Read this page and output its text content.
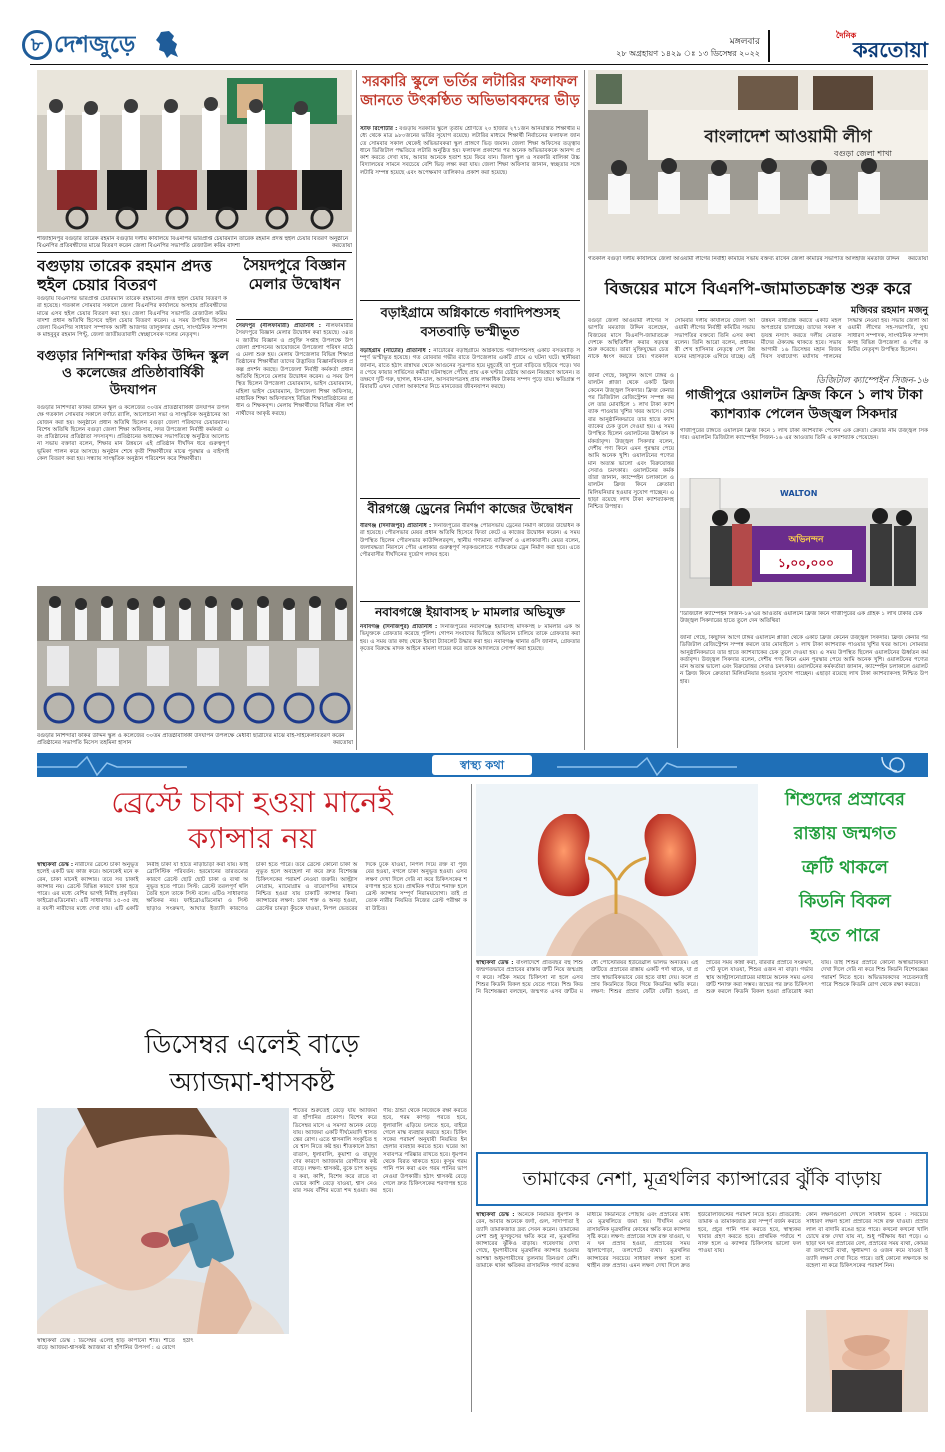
৮ দেশজুড়ে	মঙ্গলবার
২৮ অগ্রহায়ণ ১৪২৯ ঃ ১৩ ডিসেম্বর ২০২২
দৈনিক
করতোয়া
শাজাহানপুর বগুড়ার তারেক রহমান বগুড়ার দলীয় কার্যালয়ে বিএনপির ভারপ্রাপ্ত চেয়ারম্যান তারেক রহমান প্রদত্ত হুইল চেয়ার বিতরণ অনুষ্ঠানে বিএনপির প্রতিবন্ধীদের মাঝে বিতরণ করেন জেলা বিএনপির সভাপতি রেজাউল করিম বাদশা	করতোয়া
বগুড়ায় তারেক রহমান প্রদত্ত হুইল চেয়ার বিতরণ
বগুড়ায় বিএনপির ভারপ্রাপ্ত চেয়ারম্যান তারেক রহমানের প্রদত্ত হুইল চেয়ার বিতরণ করা হয়েছে। গতকাল সোমবার সকালে জেলা বিএনপির কার্যালয়ে অসহায় প্রতিবন্ধীদের মাঝে এসব হুইল চেয়ার বিতরণ করা হয়। জেলা বিএনপির সভাপতি রেজাউল করিম বাদশা প্রধান অতিথি হিসেবে হুইল চেয়ার বিতরণ করেন। এ সময় উপস্থিত ছিলেন জেলা বিএনপির সাধারণ সম্পাদক আলী আজগর তালুকদার হেনা, সাংগঠনিক সম্পাদক মাহবুবুর রহমান পিন্টু, জেলা জাতীয়তাবাদী স্বেচ্ছাসেবক দলের নেতৃবৃন্দ।
সৈয়দপুরে বিজ্ঞান মেলার উদ্বোধন
সৈয়দপুর (নীলফামারী) প্রতিনিধি : নীলফামারীর সৈয়দপুরে বিজ্ঞান মেলার উদ্বোধন করা হয়েছে। ৩৪তম জাতীয় বিজ্ঞান ও প্রযুক্তি সপ্তাহ উপলক্ষে উপজেলা প্রশাসনের আয়োজনে উপজেলা পরিষদ মাঠে এ মেলা শুরু হয়। মেলায় উপজেলার বিভিন্ন শিক্ষাপ্রতিষ্ঠানের শিক্ষার্থীরা তাদের উদ্ভাবিত বিজ্ঞানবিষয়ক প্রকল্প প্রদর্শন করছে। উপজেলা নির্বাহী কর্মকর্তা প্রধান অতিথি হিসেবে মেলার উদ্বোধন করেন। এ সময় উপস্থিত ছিলেন উপজেলা চেয়ারম্যান, ভাইস চেয়ারম্যান, মহিলা ভাইস চেয়ারম্যান, উপজেলা শিক্ষা অফিসার, মাধ্যমিক শিক্ষা অফিসারসহ বিভিন্ন শিক্ষাপ্রতিষ্ঠানের প্রধান ও শিক্ষকবৃন্দ। মেলায় শিক্ষার্থীদের বিভিন্ন স্টল দর্শনার্থীদের আকৃষ্ট করছে।
বগুড়ার নিশিন্দারা ফকির উদ্দিন স্কুল ও কলেজের প্রতিষ্ঠাবার্ষিকী উদযাপন
বগুড়ার নিশিন্দারা ফকির উদ্দিন স্কুল ও কলেজের ৩০তম প্রতিষ্ঠাবার্ষিকী উদযাপন উপলক্ষে গতকাল সোমবার সকালে বর্ণাঢ্য র‌্যালি, আলোচনা সভা ও সাংস্কৃতিক অনুষ্ঠানের আয়োজন করা হয়। অনুষ্ঠানে প্রধান অতিথি ছিলেন বগুড়া জেলা পরিষদের চেয়ারম্যান। বিশেষ অতিথি ছিলেন বগুড়া জেলা শিক্ষা অফিসার, সদর উপজেলা নির্বাহী কর্মকর্তা এবং প্রতিষ্ঠানের প্রতিষ্ঠাতা সদস্যবৃন্দ। প্রতিষ্ঠানের অধ্যক্ষের সভাপতিত্বে অনুষ্ঠিত আলোচনা সভায় বক্তারা বলেন, শিক্ষার মান উন্নয়নে এই প্রতিষ্ঠান দীর্ঘদিন ধরে গুরুত্বপূর্ণ ভূমিকা পালন করে আসছে। অনুষ্ঠান শেষে কৃতী শিক্ষার্থীদের মাঝে পুরস্কার ও বাইসাইকেল বিতরণ করা হয়। সন্ধ্যায় সাংস্কৃতিক অনুষ্ঠান পরিবেশন করে শিক্ষার্থীরা।
বগুড়ার নিশিন্দারা ফকির উদ্দিন স্কুল ও কলেজের ৩০তম প্রতিষ্ঠাবার্ষিকী উদযাপন উপলক্ষে মেধাবী ছাত্রীদের মাঝে বাই-সাইকেলবিতরণ করেন প্রতিষ্ঠানের সভাপতি মিসেস তহমিনা হাসান	করতোয়া
সরকারি স্কুলে ভর্তির লটারির ফলাফল জানতে উৎকণ্ঠিত অভিভাবকদের ভীড়
স্টাফ রিপোর্টার : বগুড়ায় সরকারি স্কুলে তৃতীয় শ্রেণিতে ২০ হাজার ২৭১জন অনিয়ন্ত্রিত শিক্ষার্থীর মধ্যে থেকে মাত্র ৯৮০জনের ভর্তির সুযোগ রয়েছে। লটারির মাধ্যমে শিক্ষার্থী নির্বাচনের ফলাফল জানতে সোমবার সকাল থেকেই অভিভাবকরা স্কুল প্রাঙ্গণে ভিড় জমান। জেলা শিক্ষা অফিসের তত্ত্বাবধানে ডিজিটাল পদ্ধতিতে লটারি অনুষ্ঠিত হয়। ফলাফল প্রকাশের পর অনেক অভিভাবককে আনন্দ প্রকাশ করতে দেখা যায়, আবার অনেকে হতাশ হয়ে ফিরে যান। জিলা স্কুল ও সরকারি বালিকা উচ্চ বিদ্যালয়ের সামনে সবচেয়ে বেশি ভিড় লক্ষ্য করা যায়। জেলা শিক্ষা অফিসার জানান, স্বচ্ছতার সঙ্গে লটারি সম্পন্ন হয়েছে এবং অপেক্ষমাণ তালিকাও প্রকাশ করা হয়েছে।
বড়াইগ্রামে অগ্নিকান্ডে গবাদিপশুসহ বসতবাড়ি ভস্মীভূত
বড়াইগ্রাম (নাটোর) প্রতিনিধি : নাটোরের বড়াইগ্রামে অগ্নিকান্ডে গবাদিপশুসহ একটি বসতবাড়ি সম্পূর্ণ ভস্মীভূত হয়েছে। গত রোববার গভীর রাতে উপজেলার একটি গ্রামে এ ঘটনা ঘটে। স্থানীয়রা জানান, রাতে হঠাৎ রান্নাঘর থেকে আগুনের সূত্রপাত হয়ে মুহূর্তেই তা পুরো বাড়িতে ছড়িয়ে পড়ে। খবর পেয়ে ফায়ার সার্ভিসের কর্মীরা ঘটনাস্থলে পৌঁছে প্রায় এক ঘণ্টার চেষ্টায় আগুন নিয়ন্ত্রণে আনেন। ততক্ষণে দুটি গরু, ছাগল, ধান-চাল, আসবাবপত্রসহ প্রায় লক্ষাধিক টাকার সম্পদ পুড়ে যায়। ক্ষতিগ্রস্ত পরিবারটি এখন খোলা আকাশের নিচে মানবেতর জীবনযাপন করছে।
বীরগঞ্জে ড্রেনের নির্মাণ কাজের উদ্বোধন
বীরগঞ্জ (দিনাজপুর) প্রতিনিধি : দিনাজপুরের বীরগঞ্জ পৌরসভায় ড্রেনের নির্মাণ কাজের উদ্বোধন করা হয়েছে। পৌরসভার মেয়র প্রধান অতিথি হিসেবে ফিতা কেটে এ কাজের উদ্বোধন করেন। এ সময় উপস্থিত ছিলেন পৌরসভার কাউন্সিলরবৃন্দ, স্থানীয় গণ্যমান্য ব্যক্তিবর্গ ও এলাকাবাসী। মেয়র বলেন, জলাবদ্ধতা নিরসনে পৌর এলাকার গুরুত্বপূর্ণ সড়কগুলোতে পর্যায়ক্রমে ড্রেন নির্মাণ করা হবে। এতে পৌরবাসীর দীর্ঘদিনের দুর্ভোগ লাঘব হবে।
নবাবগঞ্জে ইয়াবাসহ ৮ মামলার অভিযুক্ত
নবাবগঞ্জ (দিনাজপুর) প্রতিনিধি : দিনাজপুরের নবাবগঞ্জে ইয়াবাসহ মাদকসহ ৮ মামলার এক অভিযুক্তকে গ্রেফতার করেছে পুলিশ। গোপন সংবাদের ভিত্তিতে অভিযান চালিয়ে তাকে গ্রেফতার করা হয়। এ সময় তার কাছ থেকে ইয়াবা ট্যাবলেট উদ্ধার করা হয়। নবাবগঞ্জ থানার ওসি জানান, গ্রেফতারকৃতের বিরুদ্ধে মাদক আইনে মামলা দায়ের করে তাকে আদালতে সোপর্দ করা হয়েছে।
বাংলাদেশ আওয়ামী লীগ
বগুড়া জেলা শাখা
গতকাল বগুড়া দলীয় কার্যালয়ে জেলা আওয়ামী লীগের নির্বাহী কমিটির সভায় বক্তব্য রাখেন জেলা কমিটির সভাপতি আলহাজ মমতাজ উদ্দিন করতোয়া
বিজয়ের মাসে বিএনপি-জামাতচক্রান্ত শুরু করে
মজিবর রহমান মজনু
বগুড়া জেলা আওয়ামী লীগের সভাপতি মমতাজ উদ্দিন বলেছেন, বিজয়ের মাসে বিএনপি-জামাতচক্র দেশকে অস্থিতিশীল করার ষড়যন্ত্র শুরু করেছে। তারা মুক্তিযুদ্ধের চেতনাকে ধ্বংস করতে চায়। গতকাল সোমবার দলীয় কার্যালয়ে জেলা আওয়ামী লীগের নির্বাহী কমিটির সভায় সভাপতির বক্তব্যে তিনি এসব কথা বলেন। তিনি আরো বলেন, প্রধানমন্ত্রী শেখ হাসিনার নেতৃত্বে দেশ উন্নয়নের মহাসড়কে এগিয়ে যাচ্ছে। এই উন্নয়ন বাধাগ্রস্ত করতে একটি মহল অপপ্রচার চালাচ্ছে। তাদের সকল ষড়যন্ত্র নস্যাৎ করতে দলীয় নেতাকর্মীদের ঐক্যবদ্ধ থাকতে হবে। সভায় আগামী ১৬ ডিসেম্বর মহান বিজয় দিবস যথাযোগ্য মর্যাদায় পালনের সিদ্ধান্ত নেওয়া হয়। সভায় জেলা আওয়ামী লীগের সহ-সভাপতি, যুগ্ম সাধারণ সম্পাদক, সাংগঠনিক সম্পাদকসহ বিভিন্ন উপজেলা ও পৌর কমিটির নেতৃবৃন্দ উপস্থিত ছিলেন।
ডিজিটাল ক্যাম্পেইন সিজন-১৬
গাজীপুরে ওয়ালটন ফ্রিজ কিনে ১ লাখ টাকা ক্যাশব্যাক পেলেন উজ্জ্বল সিকদার
গাজীপুরের টঙ্গিতে ওয়ালটন ফ্রিজ কিনে ১ লাখ টাকা ক্যাশব্যাক পেলেন এক ক্রেতা। ক্রেতার নাম উজ্জ্বল সিকদার। ওয়ালটন ডিজিটাল ক্যাম্পেইন সিজন-১৬ এর আওতায় তিনি এ ক্যাশব্যাক পেয়েছেন।
জানা গেছে, কিছুদিন আগে টঙ্গির ওয়ালটন প্লাজা থেকে একটি ফ্রিজ কেনেন উজ্জ্বল সিকদার। ফ্রিজ কেনার পর ডিজিটাল রেজিস্ট্রেশন সম্পন্ন করলে তার মোবাইলে ১ লাখ টাকা ক্যাশব্যাক পাওয়ার খুশির খবর আসে। সোমবার আনুষ্ঠানিকভাবে তার হাতে ক্যাশব্যাকের চেক তুলে দেওয়া হয়। এ সময় উপস্থিত ছিলেন ওয়ালটনের ঊর্ধ্বতন কর্মকর্তাবৃন্দ। উজ্জ্বল সিকদার বলেন, দেশীয় পণ্য কিনে এমন পুরস্কার পেয়ে আমি অনেক খুশি। ওয়ালটনের পণ্যের মান অত্যন্ত ভালো এবং বিক্রয়োত্তর সেবাও চমৎকার। ওয়ালটনের কর্মকর্তারা জানান, ক্যাম্পেইন চলাকালে ওয়ালটন ফ্রিজ কিনে ক্রেতারা মিলিয়নিয়ার হওয়ার সুযোগ পাচ্ছেন। এছাড়া রয়েছে লাখ টাকা ক্যাশব্যাকসহ নিশ্চিত উপহার।
WALTON
অভিনন্দন
১,০০,০০০
'ডিজিটাল ক্যাম্পেইন সিজন-১৬'এর আওতায় ওয়ালটন ফ্রিজ কিনে গাজীপুরের এক গ্রাহক ১ লাখ টাকার চেক উজ্জ্বল সিকদারের হাতে তুলে দেন অতিথিরা
জানা গেছে, কিছুদিন আগে টঙ্গির ওয়ালটন প্লাজা থেকে একটি ফ্রিজ কেনেন উজ্জ্বল সিকদার। ফ্রিজ কেনার পর ডিজিটাল রেজিস্ট্রেশন সম্পন্ন করলে তার মোবাইলে ১ লাখ টাকা ক্যাশব্যাক পাওয়ার খুশির খবর আসে। সোমবার আনুষ্ঠানিকভাবে তার হাতে ক্যাশব্যাকের চেক তুলে দেওয়া হয়। এ সময় উপস্থিত ছিলেন ওয়ালটনের ঊর্ধ্বতন কর্মকর্তাবৃন্দ। উজ্জ্বল সিকদার বলেন, দেশীয় পণ্য কিনে এমন পুরস্কার পেয়ে আমি অনেক খুশি। ওয়ালটনের পণ্যের মান অত্যন্ত ভালো এবং বিক্রয়োত্তর সেবাও চমৎকার। ওয়ালটনের কর্মকর্তারা জানান, ক্যাম্পেইন চলাকালে ওয়ালটন ফ্রিজ কিনে ক্রেতারা মিলিয়নিয়ার হওয়ার সুযোগ পাচ্ছেন। এছাড়া রয়েছে লাখ টাকা ক্যাশব্যাকসহ নিশ্চিত উপহার।
স্বাস্থ্য কথা
ব্রেস্টে চাকা হওয়া মানেই
ক্যান্সার নয়
স্বাস্থ্যকথা ডেস্ক : নারীদের ব্রেস্টে চাকা অনুভূত হলেই একটি ভয় কাজ করে। অনেকেই মনে করেন, চাকা মানেই ক্যান্সার। তবে সব চাকাই ক্যান্সার নয়। ব্রেস্টে বিভিন্ন কারণে চাকা হতে পারে। এর মধ্যে বেশির ভাগই নিরীহ প্রকৃতির। ফাইব্রোএডিনোমা: এটি সাধারণত ১৫-৩৫ বছর বয়সী নারীদের মধ্যে দেখা যায়। এটি একটি নিরীহ চাকা যা হাতে নাড়াচাড়া করা যায়। ফাইব্রোসিস্টিক পরিবর্তন: হরমোনের তারতম্যের কারণে ব্রেস্টে ছোট ছোট চাকা ও ব্যথা অনুভূত হতে পারে। সিস্ট: ব্রেস্টে তরলপূর্ণ থলি তৈরি হলে তাকে সিস্ট বলে। এটিও সাধারণত ক্ষতিকর নয়। ফাইব্রোএডিনোমা ও সিস্ট ছাড়াও সংক্রমণ, আঘাত ইত্যাদি কারণেও চাকা হতে পারে। তবে ব্রেস্টে কোনো চাকা অনুভূত হলে অবহেলা না করে দ্রুত বিশেষজ্ঞ চিকিৎসকের পরামর্শ নেওয়া জরুরি। আল্ট্রাসনোগ্রাম, ম্যামোগ্রাম ও বায়োপসির মাধ্যমে নিশ্চিত হওয়া যায় চাকাটি ক্যান্সার কিনা। ক্যান্সারের লক্ষণ: চাকা শক্ত ও অনড় হওয়া, ব্রেস্টের চামড়া কুঁচকে যাওয়া, নিপল ভেতরের দিকে ঢুকে যাওয়া, নিপল দিয়ে রক্ত বা পুঁজ বের হওয়া, বগলে চাকা অনুভূত হওয়া। এসব লক্ষণ দেখা দিলে দেরি না করে চিকিৎসকের শরণাপন্ন হতে হবে। প্রাথমিক পর্যায়ে শনাক্ত হলে ব্রেস্ট ক্যান্সার সম্পূর্ণ নিরাময়যোগ্য। তাই প্রত্যেক নারীর নিয়মিত নিজের ব্রেস্ট পরীক্ষা করা উচিত।
ডিসেম্বর এলেই বাড়ে
অ্যাজমা-শ্বাসকষ্ট
শীতের শুরুতেই বেড়ে যায় অ্যাজমা বা হাঁপানির প্রকোপ। বিশেষ করে ডিসেম্বর মাসে এ সমস্যা অনেক বেড়ে যায়। অ্যাজমা একটি দীর্ঘমেয়াদি শ্বাসতন্ত্রের রোগ। এতে শ্বাসনালি সংকুচিত হয়ে শ্বাস নিতে কষ্ট হয়। শীতকালে ঠান্ডা বাতাস, ধুলাবালি, কুয়াশা ও বায়ুদূষণের কারণে অ্যাজমার রোগীদের কষ্ট বাড়ে। লক্ষণ: শ্বাসকষ্ট, বুকে চাপ অনুভব করা, কাশি, বিশেষ করে রাতে বা ভোরে কাশি বেড়ে যাওয়া, শ্বাস নেওয়ার সময় বাঁশির মতো শব্দ হওয়া। করণীয়: ঠান্ডা থেকে নিজেকে রক্ষা করতে হবে, গরম কাপড় পরতে হবে, ধুলাবালি এড়িয়ে চলতে হবে, বাইরে গেলে মাস্ক ব্যবহার করতে হবে। চিকিৎসকের পরামর্শ অনুযায়ী নিয়মিত ইনহেলার ব্যবহার করতে হবে। ঘরের আসবাবপত্র পরিষ্কার রাখতে হবে। ধূমপান থেকে বিরত থাকতে হবে। কুসুম গরম পানি পান করা এবং গরম পানির ভাপ নেওয়া উপকারী। হঠাৎ শ্বাসকষ্ট বেড়ে গেলে দ্রুত চিকিৎসকের শরণাপন্ন হতে হবে।
স্বাস্থ্যকথা ডেস্ক : ডিসেম্বর এলেই হাড় কাঁপানো শীত। শীতে বাড়ে অ্যাজমা-শ্বাসকষ্ট অ্যাজমা বা হাঁপানির উপসর্গ : এ রোগে হঠাৎ
শিশুদের প্রস্রাবের
রাস্তায় জন্মগত
ত্রুটি থাকলে
কিডনি বিকল
হতে পারে
স্বাস্থ্যকথা ডেস্ক : বাংলাদেশে প্রতিবছর বহু শিশু জন্মগতভাবে প্রস্রাবের রাস্তায় ত্রুটি নিয়ে জন্মগ্রহণ করে। সঠিক সময়ে চিকিৎসা না হলে এসব শিশুর কিডনি বিকল হয়ে যেতে পারে। শিশু কিডনি বিশেষজ্ঞরা বলছেন, জন্মগত এসব ত্রুটির মধ্যে পোস্টেরিয়র ইউরেথ্রাল ভালভ অন্যতম। এই ত্রুটিতে প্রস্রাবের রাস্তায় একটি পর্দা থাকে, যা প্রস্রাব স্বাভাবিকভাবে বের হতে বাধা দেয়। ফলে প্রস্রাব কিডনিতে ফিরে গিয়ে কিডনির ক্ষতি করে। লক্ষণ: শিশুর প্রস্রাব ফোঁটা ফোঁটা হওয়া, প্রস্রাবের সময় কান্না করা, বারবার প্রস্রাবে সংক্রমণ, পেট ফুলে যাওয়া, শিশুর ওজন না বাড়া। গর্ভাবস্থায় আল্ট্রাসনোগ্রামের মাধ্যমে অনেক সময় এসব ত্রুটি শনাক্ত করা সম্ভব। জন্মের পর দ্রুত চিকিৎসা শুরু করলে কিডনি বিকল হওয়া প্রতিরোধ করা যায়। তাই শিশুর প্রস্রাবে কোনো অস্বাভাবিকতা দেখা দিলে দেরি না করে শিশু কিডনি বিশেষজ্ঞের পরামর্শ নিতে হবে। অভিভাবকদের সচেতনতাই পারে শিশুকে কিডনি রোগ থেকে রক্ষা করতে।
তামাকের নেশা, মূত্রথলির ক্যান্সারের ঝুঁকি বাড়ায়
স্বাস্থ্যকথা ডেস্ক : অনেকে নিয়মিত ধূমপান করেন, আবার অনেকে জর্দা, গুল, সাদাপাতা ইত্যাদি তামাকজাত দ্রব্য সেবন করেন। তামাকের নেশা শুধু ফুসফুসের ক্ষতি করে না, মূত্রথলির ক্যান্সারের ঝুঁকিও বাড়ায়। গবেষণায় দেখা গেছে, ধূমপায়ীদের মূত্রথলির ক্যান্সার হওয়ার আশঙ্কা অধূমপায়ীদের তুলনায় তিনগুণ বেশি। তামাকে থাকা ক্ষতিকর রাসায়নিক পদার্থ রক্তের মাধ্যমে কিডনিতে পৌঁছায় এবং প্রস্রাবের মাধ্যমে মূত্রথলিতে জমা হয়। দীর্ঘদিন এসব রাসায়নিক মূত্রথলির কোষের ক্ষতি করে ক্যান্সার সৃষ্টি করে। লক্ষণ: প্রস্রাবের সঙ্গে রক্ত যাওয়া, ঘন ঘন প্রস্রাব হওয়া, প্রস্রাবের সময় জ্বালাপোড়া, তলপেটে ব্যথা। মূত্রথলির ক্যান্সারের সবচেয়ে সাধারণ লক্ষণ হলো ব্যথাহীন রক্ত প্রস্রাব। এমন লক্ষণ দেখা দিলে দ্রুত ইউরোলজিস্টের পরামর্শ নিতে হবে। প্রতিরোধ: তামাক ও তামাকজাত দ্রব্য সম্পূর্ণ বর্জন করতে হবে, প্রচুর পানি পান করতে হবে, স্বাস্থ্যকর খাবার গ্রহণ করতে হবে। প্রাথমিক পর্যায়ে শনাক্ত হলে এ ক্যান্সার চিকিৎসায় ভালো ফল পাওয়া যায়।
কোন লক্ষণগুলো দেখলে সাবধান হবেন : সবচেয়ে সাধারণ লক্ষণ হলো প্রস্রাবের সঙ্গে রক্ত যাওয়া। প্রস্রাব লাল বা বাদামি রঙের হতে পারে। কখনো কখনো খালি চোখে রক্ত দেখা যায় না, শুধু পরীক্ষায় ধরা পড়ে। এছাড়া ঘন ঘন প্রস্রাবের বেগ, প্রস্রাবের সময় ব্যথা, কোমর বা তলপেটে ব্যথা, ক্ষুধামন্দা ও ওজন কমে যাওয়া ইত্যাদি লক্ষণ দেখা দিতে পারে। তাই কোনো লক্ষণকে অবহেলা না করে চিকিৎসকের পরামর্শ নিন।
